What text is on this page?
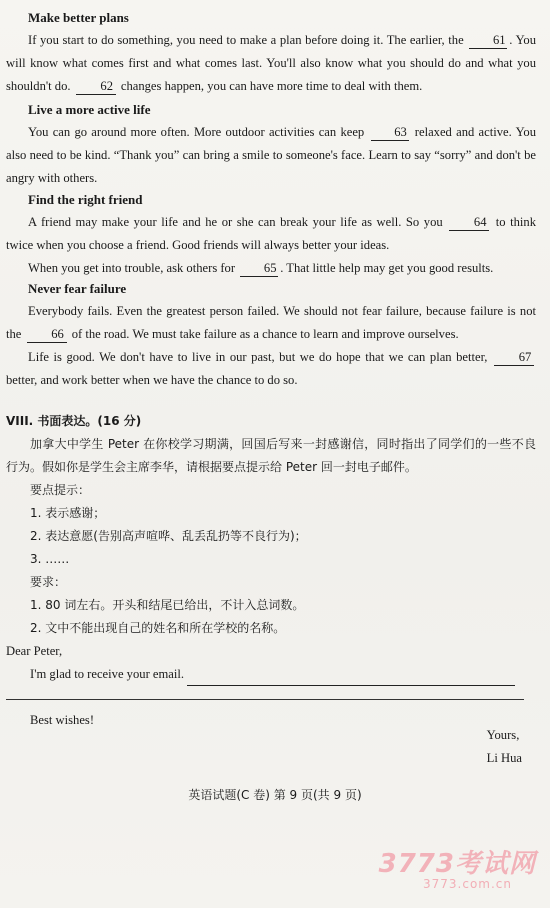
Make better plans
If you start to do something, you need to make a plan before doing it. The earlier, the 61 . You will know what comes first and what comes last. You'll also know what you should do and what you shouldn't do. 62 changes happen, you can have more time to deal with them.
Live a more active life
You can go around more often. More outdoor activities can keep 63 relaxed and active. You also need to be kind. “Thank you” can bring a smile to someone's face. Learn to say “sorry” and don't be angry with others.
Find the right friend
A friend may make your life and he or she can break your life as well. So you 64 to think twice when you choose a friend. Good friends will always better your ideas.
When you get into trouble, ask others for 65 . That little help may get you good results.
Never fear failure
Everybody fails. Even the greatest person failed. We should not fear failure, because failure is not the 66 of the road. We must take failure as a chance to learn and improve ourselves.
Life is good. We don't have to live in our past, but we do hope that we can plan better, 67 better, and work better when we have the chance to do so.
VIII. 书面表达。(16 分)
加拿大中学生 Peter 在你校学习期满，回国后写来一封感谢信，同时指出了同学们的一些不良行为。假如你是学生会主席李华，请根据要点提示给 Peter 回一封电子邮件。
要点提示：
1. 表示感谢；
2. 表达意愿(告别高声喧哗、乱丢乱扔等不良行为)；
3. ……
要求：
1. 80 词左右。开头和结尾已给出，不计入总词数。
2. 文中不能出现自己的姓名和所在学校的名称。
Dear Peter,
I'm glad to receive your email.
Best wishes!
Yours,
Li Hua
英语试题(C 卷) 第 9 页(共 9 页)
3773考试网
3773.com.cn
